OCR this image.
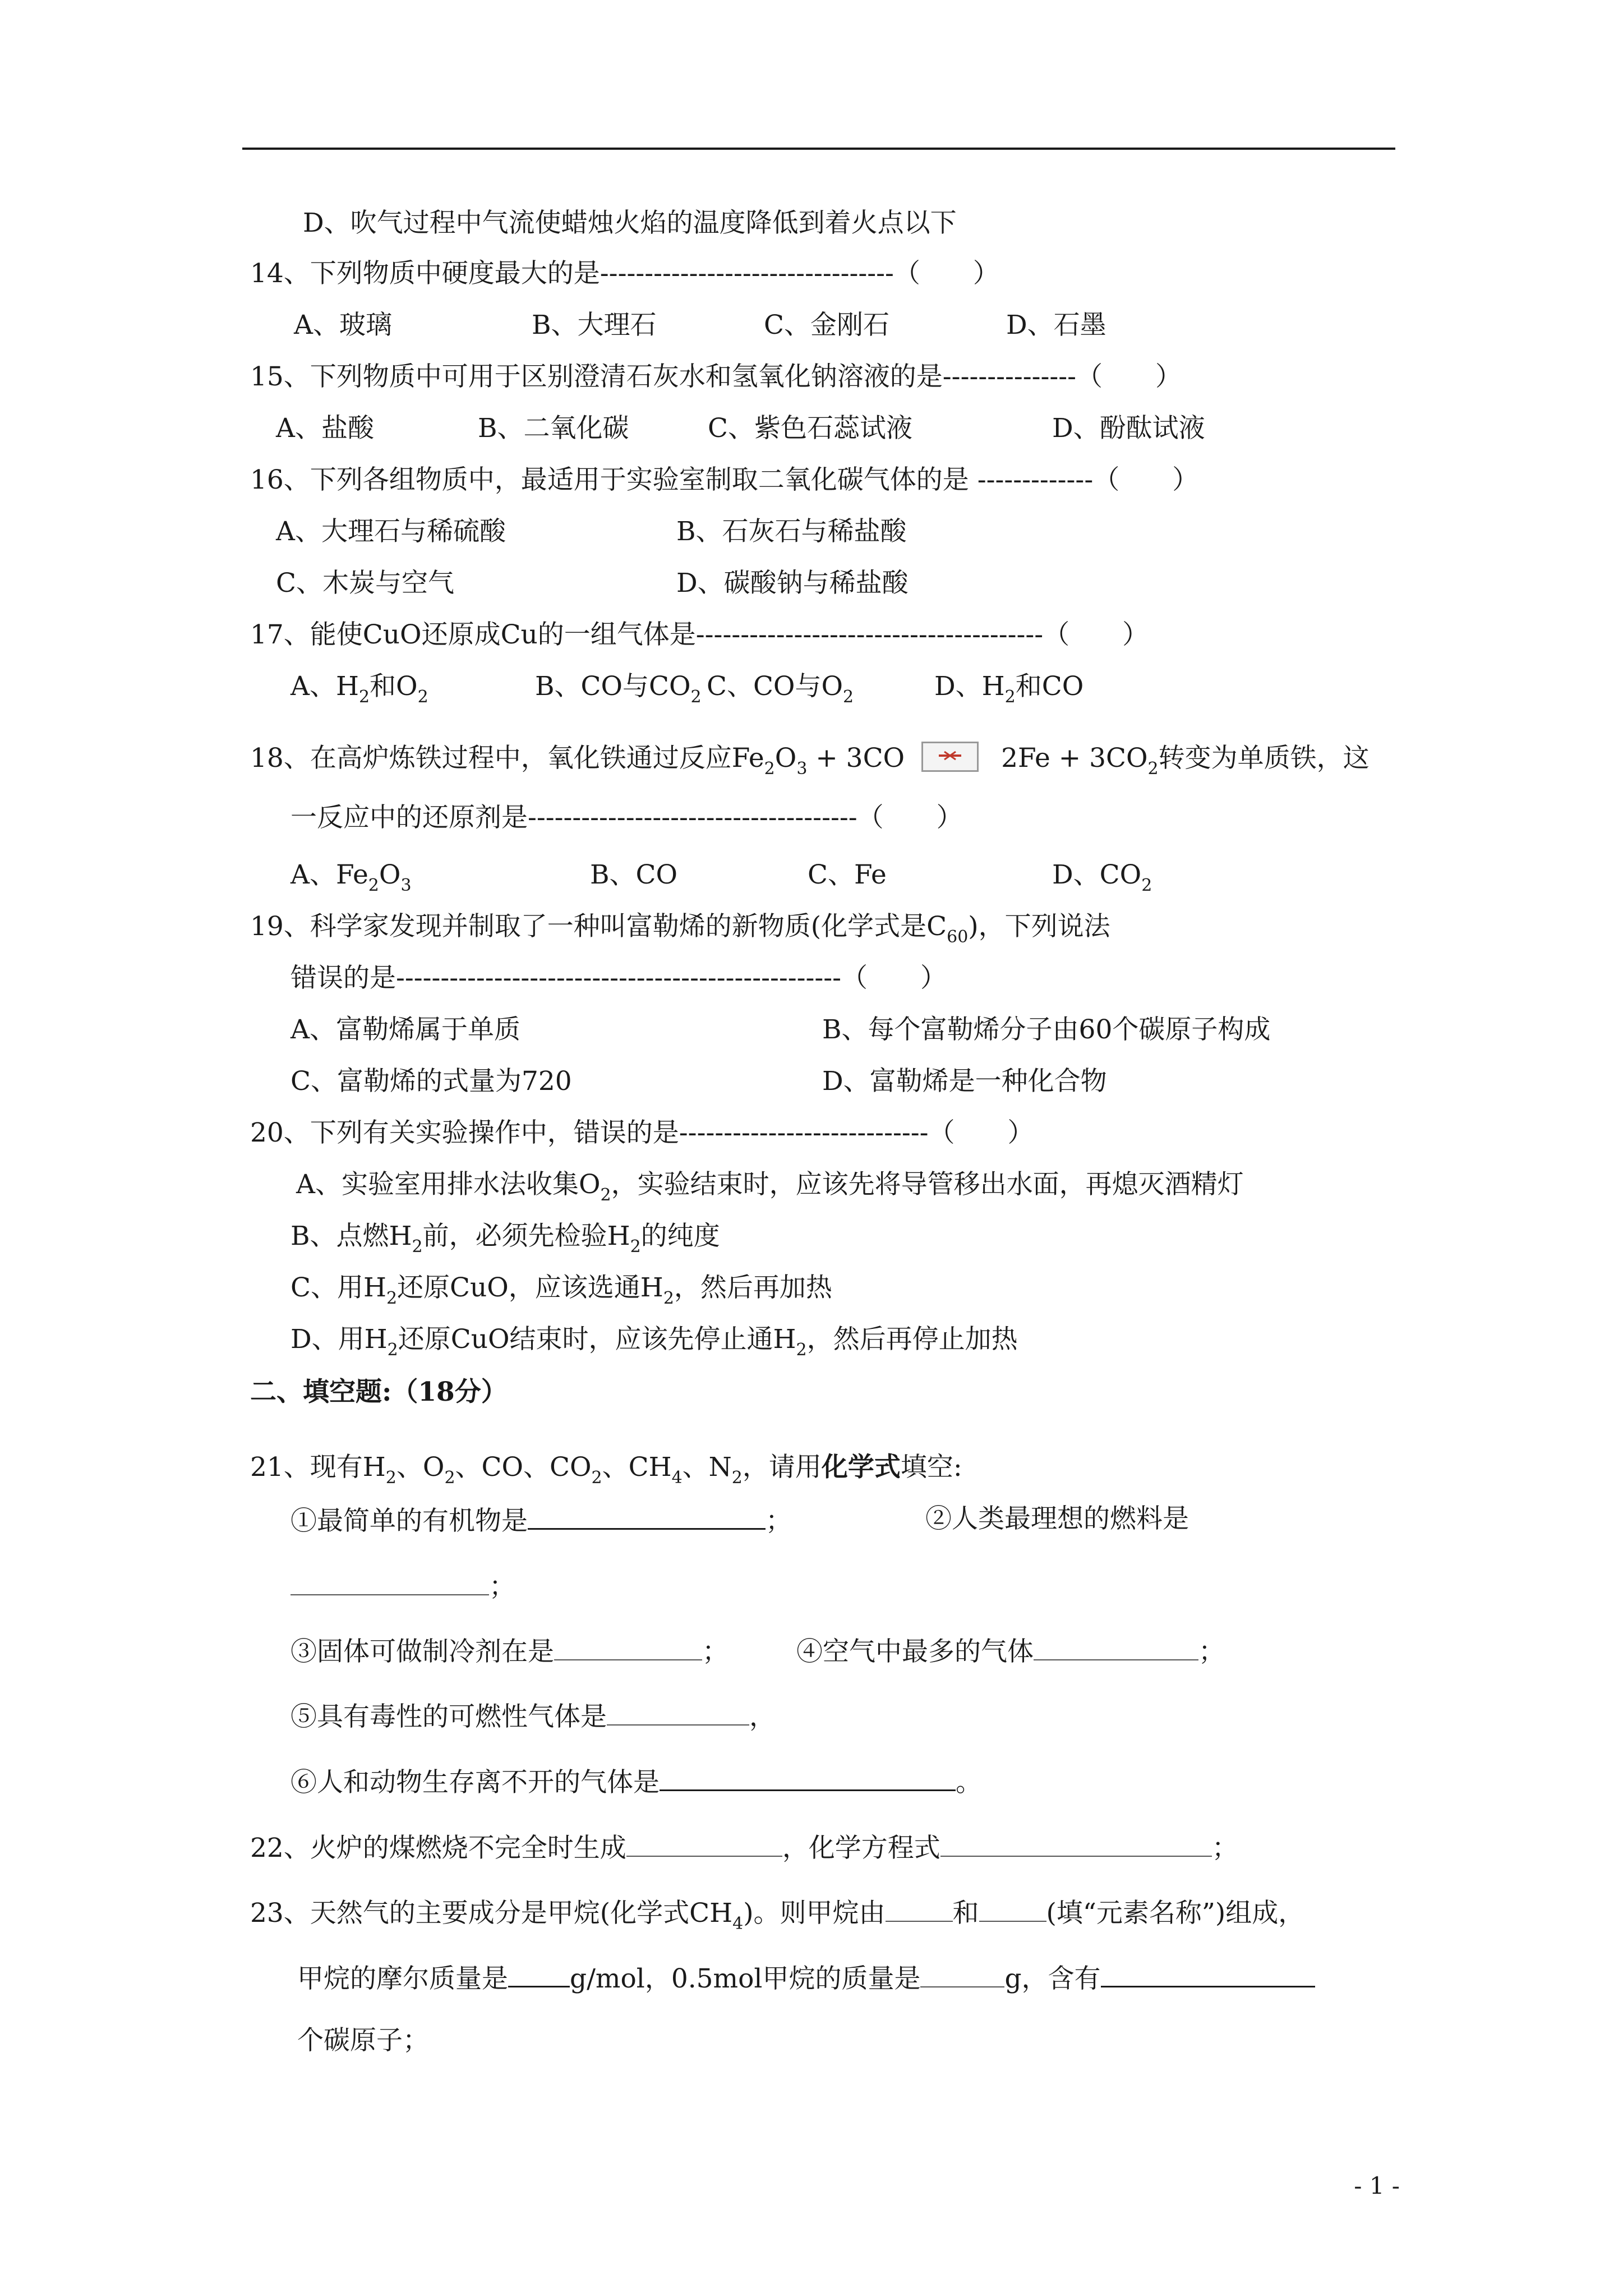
D、吹气过程中气流使蜡烛火焰的温度降低到着火点以下
14、下列物质中硬度最大的是---------------------------------（　　）
A、玻璃	B、大理石	C、金刚石	D、石墨
15、下列物质中可用于区别澄清石灰水和氢氧化钠溶液的是---------------（　　）
A、盐酸	B、二氧化碳	C、紫色石蕊试液	D、酚酞试液
16、下列各组物质中，最适用于实验室制取二氧化碳气体的是 -------------（　　）
A、大理石与稀硫酸	B、石灰石与稀盐酸
C、木炭与空气	D、碳酸钠与稀盐酸
17、能使CuO还原成Cu的一组气体是---------------------------------------（　　）
A、$H_2$和$O_2$	B、CO与$CO_2$ C、CO与$O_2$	D、$H_2$和CO
18、在高炉炼铁过程中，氧化铁通过反应$Fe_2O_3 + 3CO$	$2Fe + 3CO_2$转变为单质铁，这
一反应中的还原剂是-------------------------------------（　　）
A、$Fe_2O_3$	B、CO	C、Fe	D、$CO_2$
19、科学家发现并制取了一种叫富勒烯的新物质(化学式是$C_{60}$)，下列说法
错误的是--------------------------------------------------（　　）
A、富勒烯属于单质	B、每个富勒烯分子由60个碳原子构成
C、富勒烯的式量为720	D、富勒烯是一种化合物
20、下列有关实验操作中，错误的是----------------------------（　　）
A、实验室用排水法收集$O_2$，实验结束时，应该先将导管移出水面，再熄灭酒精灯
B、点燃$H_2$前，必须先检验$H_2$的纯度
C、用$H_2$还原CuO，应该选通$H_2$，然后再加热
D、用$H_2$还原CuO结束时，应该先停止通$H_2$，然后再停止加热
二、填空题:（18分）
21、现有$H_2$、$O_2$、CO、$CO_2$、$CH_4$、$N_2$，请用化学式填空:
①最简单的有机物是	；	②人类最理想的燃料是
；
③固体可做制冷剂在是	；	④空气中最多的气体	；
⑤具有毒性的可燃性气体是	，
⑥人和动物生存离不开的气体是	。
22、火炉的煤燃烧不完全时生成	，化学方程式	；
23、天然气的主要成分是甲烷(化学式$CH_4$)。则甲烷由	和	(填“元素名称”)组成，
甲烷的摩尔质量是 g/mol，0.5mol甲烷的质量是	g，含有
个碳原子；
- 1 -
